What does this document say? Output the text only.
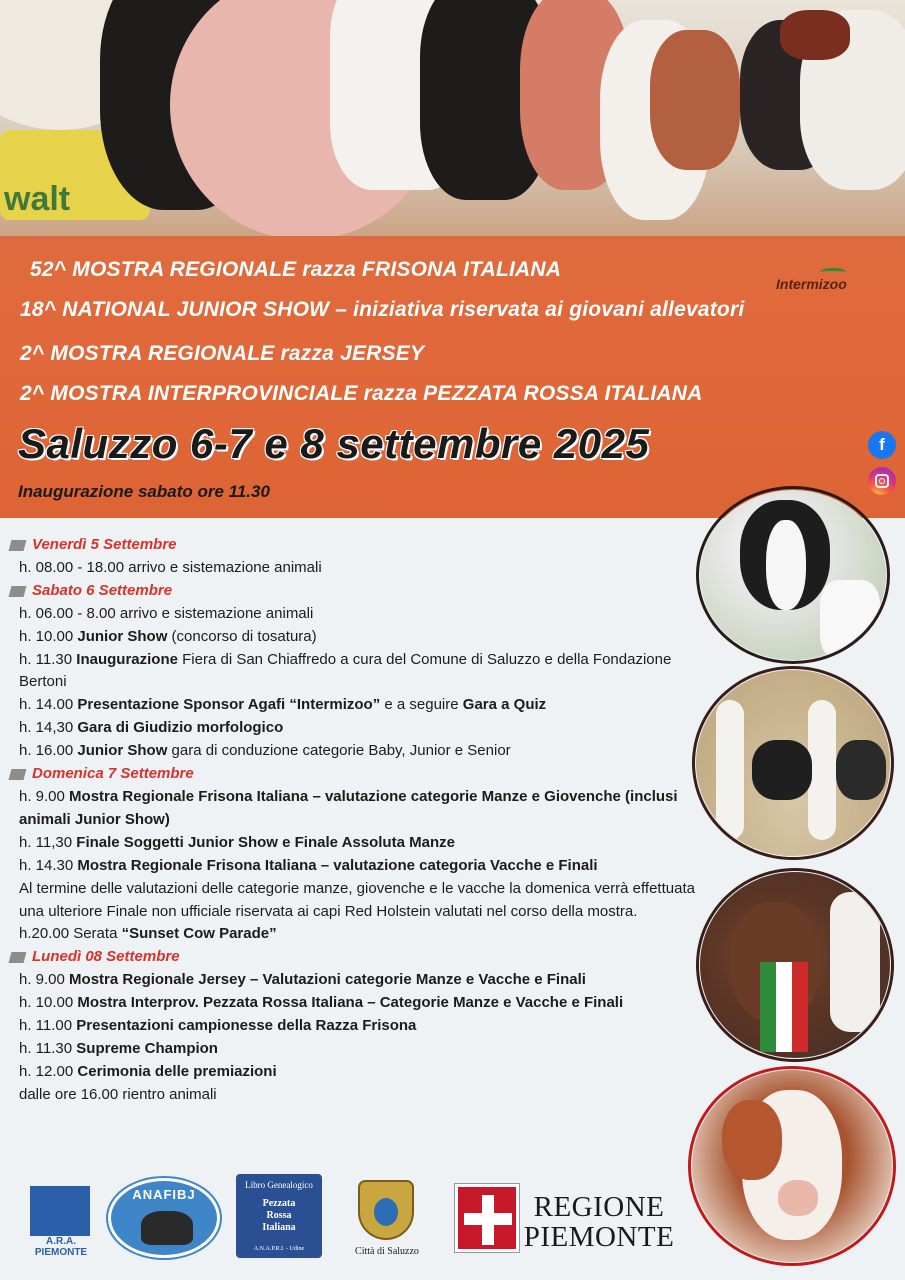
walt
52^ MOSTRA REGIONALE razza FRISONA ITALIANA
18^ NATIONAL JUNIOR SHOW – iniziativa riservata ai giovani allevatori
2^ MOSTRA REGIONALE razza JERSEY
2^ MOSTRA INTERPROVINCIALE razza PEZZATA ROSSA ITALIANA
Intermizoo
Saluzzo 6-7 e 8 settembre 2025
Inaugurazione sabato ore 11.30
f
Venerdì 5 Settembre
h. 08.00 - 18.00 arrivo e sistemazione animali
Sabato 6 Settembre
h. 06.00 - 8.00 arrivo e sistemazione animali
h. 10.00 Junior Show (concorso di tosatura)
h. 11.30 Inaugurazione Fiera di San Chiaffredo a cura del Comune di Saluzzo e della Fondazione Bertoni
h. 14.00 Presentazione Sponsor Agafi “Intermizoo” e a seguire Gara a Quiz
h. 14,30 Gara di Giudizio morfologico
h. 16.00 Junior Show gara di conduzione categorie Baby, Junior e Senior
Domenica 7 Settembre
h. 9.00 Mostra Regionale Frisona Italiana – valutazione categorie Manze e Giovenche (inclusi animali Junior Show)
h. 11,30 Finale Soggetti Junior Show e Finale Assoluta Manze
h. 14.30 Mostra Regionale Frisona Italiana – valutazione categoria Vacche e Finali
Al termine delle valutazioni delle categorie manze, giovenche e le vacche la domenica verrà effettuata una ulteriore Finale non ufficiale riservata ai capi Red Holstein valutati nel corso della mostra.
h.20.00 Serata “Sunset Cow Parade”
Lunedì 08 Settembre
h. 9.00 Mostra Regionale Jersey – Valutazioni categorie Manze e Vacche e Finali
h. 10.00 Mostra Interprov. Pezzata Rossa Italiana – Categorie Manze e Vacche e Finali
h. 11.00 Presentazioni campionesse della Razza Frisona
h. 11.30 Supreme Champion
h. 12.00 Cerimonia delle premiazioni
dalle ore 16.00 rientro animali
A.R.A.
PIEMONTE
ANAFIBJ
Libro Genealogico
Pezzata
Rossa
Italiana
A.N.A.P.R.I. - Udine	Città di Saluzzo
REGIONE
PIEMONTE
